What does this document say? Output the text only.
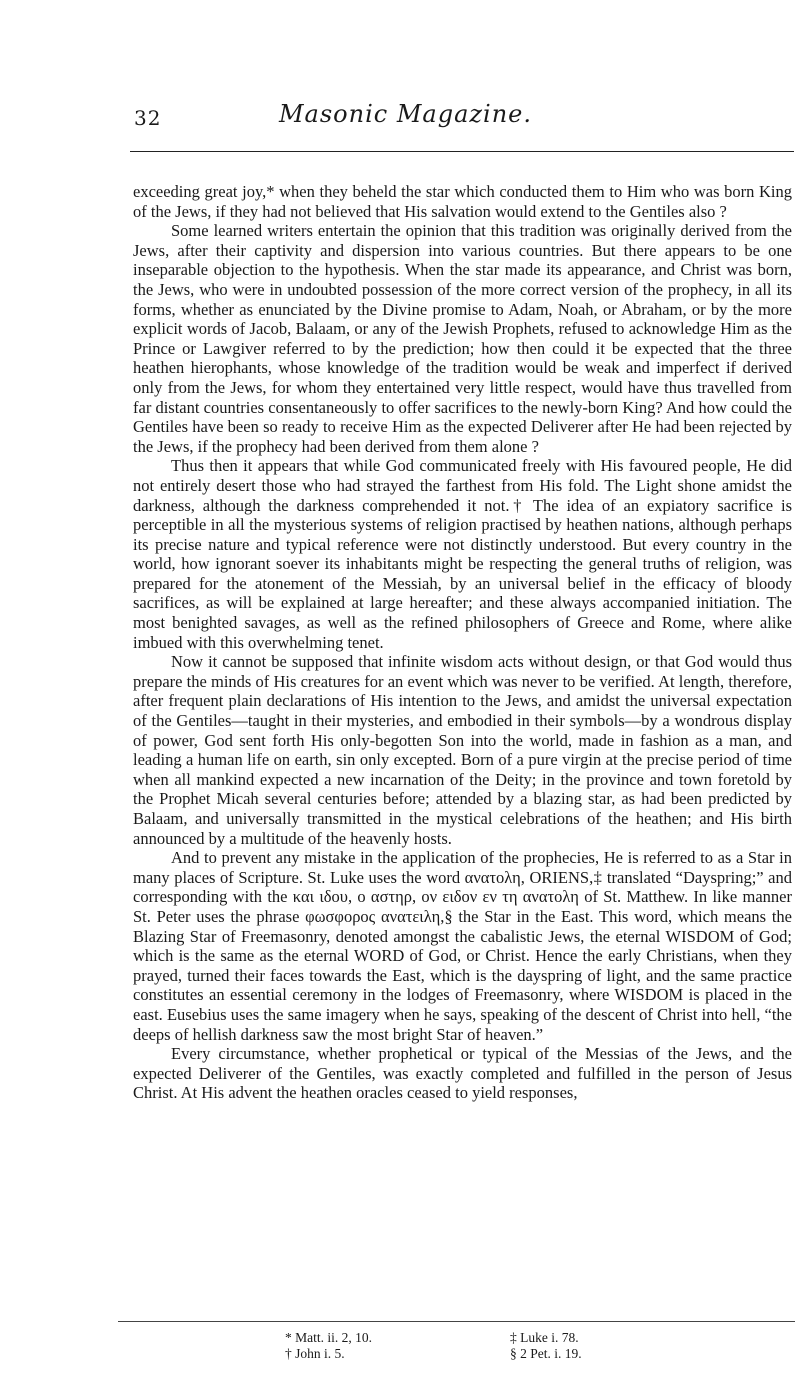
32	Masonic Magazine.

exceeding great joy,* when they beheld the star which conducted them to Him who was born King of the Jews, if they had not believed that His salvation would extend to the Gentiles also ?

Some learned writers entertain the opinion that this tradition was originally derived from the Jews, after their captivity and dispersion into various countries. But there appears to be one inseparable objection to the hypothesis. When the star made its appearance, and Christ was born, the Jews, who were in undoubted possession of the more correct version of the prophecy, in all its forms, whether as enunciated by the Divine promise to Adam, Noah, or Abraham, or by the more explicit words of Jacob, Balaam, or any of the Jewish Prophets, refused to acknowledge Him as the Prince or Lawgiver referred to by the prediction; how then could it be expected that the three heathen hierophants, whose knowledge of the tradition would be weak and imperfect if derived only from the Jews, for whom they entertained very little respect, would have thus travelled from far distant countries consentaneously to offer sacrifices to the newly-born King? And how could the Gentiles have been so ready to receive Him as the expected Deliverer after He had been rejected by the Jews, if the prophecy had been derived from them alone ?

Thus then it appears that while God communicated freely with His favoured people, He did not entirely desert those who had strayed the farthest from His fold. The Light shone amidst the darkness, although the darkness comprehended it not.† The idea of an expiatory sacrifice is perceptible in all the mysterious systems of religion practised by heathen nations, although perhaps its precise nature and typical reference were not distinctly understood. But every country in the world, how ignorant soever its inhabitants might be respecting the general truths of religion, was prepared for the atonement of the Messiah, by an universal belief in the efficacy of bloody sacrifices, as will be explained at large hereafter; and these always accompanied initiation. The most benighted savages, as well as the refined philosophers of Greece and Rome, where alike imbued with this overwhelming tenet.

Now it cannot be supposed that infinite wisdom acts without design, or that God would thus prepare the minds of His creatures for an event which was never to be verified. At length, therefore, after frequent plain declarations of His intention to the Jews, and amidst the universal expectation of the Gentiles—taught in their mysteries, and embodied in their symbols—by a wondrous display of power, God sent forth His only-begotten Son into the world, made in fashion as a man, and leading a human life on earth, sin only excepted. Born of a pure virgin at the precise period of time when all mankind expected a new incarnation of the Deity; in the province and town foretold by the Prophet Micah several centuries before; attended by a blazing star, as had been predicted by Balaam, and universally transmitted in the mystical celebrations of the heathen; and His birth announced by a multitude of the heavenly hosts.

And to prevent any mistake in the application of the prophecies, He is referred to as a Star in many places of Scripture. St. Luke uses the word ανατολη, ORIENS,‡ translated “Dayspring;” and corresponding with the και ιδου, ο αστηρ, ον ειδον εν τη ανατολη of St. Matthew. In like manner St. Peter uses the phrase φωσφορος ανατειλη,§ the Star in the East. This word, which means the Blazing Star of Freemasonry, denoted amongst the cabalistic Jews, the eternal WISDOM of God; which is the same as the eternal WORD of God, or Christ. Hence the early Christians, when they prayed, turned their faces towards the East, which is the dayspring of light, and the same practice constitutes an essential ceremony in the lodges of Freemasonry, where WISDOM is placed in the east. Eusebius uses the same imagery when he says, speaking of the descent of Christ into hell, “the deeps of hellish darkness saw the most bright Star of heaven.”

Every circumstance, whether prophetical or typical of the Messias of the Jews, and the expected Deliverer of the Gentiles, was exactly completed and fulfilled in the person of Jesus Christ. At His advent the heathen oracles ceased to yield responses,

* Matt. ii. 2, 10.
† John i. 5.
‡ Luke i. 78.
§ 2 Pet. i. 19.
